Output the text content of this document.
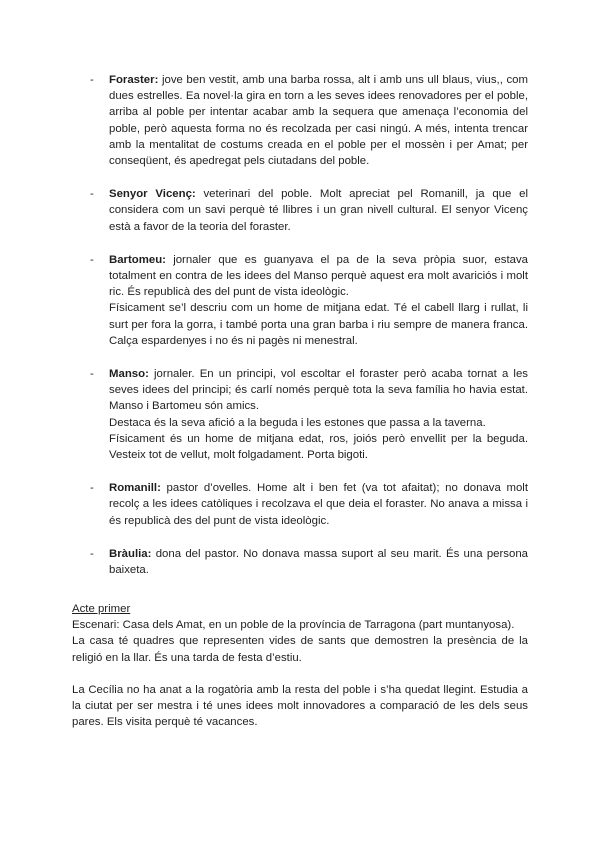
- Foraster: jove ben vestit, amb una barba rossa, alt i amb uns ull blaus, vius,, com dues estrelles. Ea novel·la gira en torn a les seves idees renovadores per el poble, arriba al poble per intentar acabar amb la sequera que amenaça l’economia del poble, però aquesta forma no és recolzada per casi ningú. A més, intenta trencar amb la mentalitat de costums creada en el poble per el mossèn i per Amat; per conseqüent, és apedregat pels ciutadans del poble.

- Senyor Vicenç: veterinari del poble. Molt apreciat pel Romanill, ja que el considera com un savi perquè té llibres i un gran nivell cultural. El senyor Vicenç està a favor de la teoria del foraster.

- Bartomeu: jornaler que es guanyava el pa de la seva pròpia suor, estava totalment en contra de les idees del Manso perquè aquest era molt avariciós i molt ric. És republicà des del punt de vista ideològic.

Físicament se’l descriu com un home de mitjana edat. Té el cabell llarg i rullat, li surt per fora la gorra, i també porta una gran barba i riu sempre de manera franca. Calça espardenyes i no és ni pagès ni menestral.

- Manso: jornaler. En un principi, vol escoltar el foraster però acaba tornat a les seves idees del principi; és carlí només perquè tota la seva família ho havia estat. Manso i Bartomeu són amics.

Destaca és la seva afició a la beguda i les estones que passa a la taverna.

Físicament és un home de mitjana edat, ros, joiós però envellit per la beguda. Vesteix tot de vellut, molt folgadament. Porta bigoti.

- Romanill: pastor d’ovelles. Home alt i ben fet (va tot afaitat); no donava molt recolç a les idees catòliques i recolzava el que deia el foraster. No anava a missa i és republicà des del punt de vista ideològic.

- Bràulia: dona del pastor. No donava massa suport al seu marit. És una persona baixeta.

Acte primer

Escenari: Casa dels Amat, en un poble de la província de Tarragona (part muntanyosa).

La casa té quadres que representen vides de sants que demostren la presència de la religió en la llar. És una tarda de festa d’estiu.

La Cecília no ha anat a la rogatòria amb la resta del poble i s’ha quedat llegint. Estudia a la ciutat per ser mestra i té unes idees molt innovadores a comparació de les dels seus pares. Els visita perquè té vacances.
